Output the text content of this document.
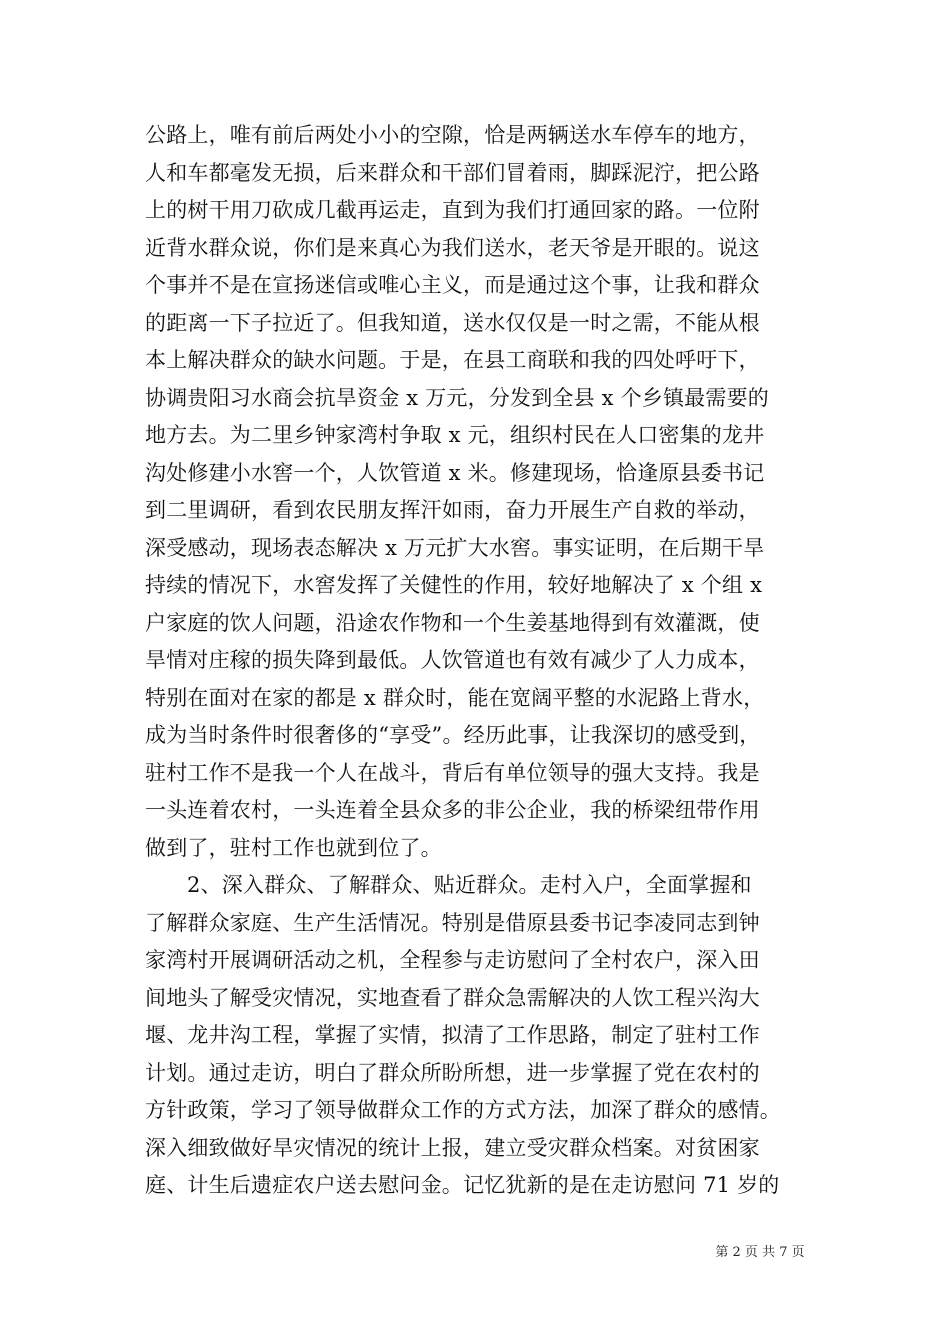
公路上，唯有前后两处小小的空隙，恰是两辆送水车停车的地方，
人和车都毫发无损，后来群众和干部们冒着雨，脚踩泥泞，把公路
上的树干用刀砍成几截再运走，直到为我们打通回家的路。一位附
近背水群众说，你们是来真心为我们送水，老天爷是开眼的。说这
个事并不是在宣扬迷信或唯心主义，而是通过这个事，让我和群众
的距离一下子拉近了。但我知道，送水仅仅是一时之需，不能从根
本上解决群众的缺水问题。于是，在县工商联和我的四处呼吁下，
协调贵阳习水商会抗旱资金 x 万元，分发到全县 x 个乡镇最需要的
地方去。为二里乡钟家湾村争取 x 元，组织村民在人口密集的龙井
沟处修建小水窖一个，人饮管道 x 米。修建现场，恰逢原县委书记
到二里调研，看到农民朋友挥汗如雨，奋力开展生产自救的举动，
深受感动，现场表态解决 x 万元扩大水窖。事实证明，在后期干旱
持续的情况下，水窖发挥了关健性的作用，较好地解决了 x 个组 x
户家庭的饮人问题，沿途农作物和一个生姜基地得到有效灌溉，使
旱情对庄稼的损失降到最低。人饮管道也有效有减少了人力成本，
特别在面对在家的都是 x 群众时，能在宽阔平整的水泥路上背水，
成为当时条件时很奢侈的“享受”。经历此事，让我深切的感受到，
驻村工作不是我一个人在战斗，背后有单位领导的强大支持。我是
一头连着农村，一头连着全县众多的非公企业，我的桥梁纽带作用
做到了，驻村工作也就到位了。
2、深入群众、了解群众、贴近群众。走村入户，全面掌握和
了解群众家庭、生产生活情况。特别是借原县委书记李凌同志到钟
家湾村开展调研活动之机，全程参与走访慰问了全村农户，深入田
间地头了解受灾情况，实地查看了群众急需解决的人饮工程兴沟大
堰、龙井沟工程，掌握了实情，拟清了工作思路，制定了驻村工作
计划。通过走访，明白了群众所盼所想，进一步掌握了党在农村的
方针政策，学习了领导做群众工作的方式方法，加深了群众的感情。
深入细致做好旱灾情况的统计上报，建立受灾群众档案。对贫困家
庭、计生后遗症农户送去慰问金。记忆犹新的是在走访慰问 71 岁的
第 2 页 共 7 页
